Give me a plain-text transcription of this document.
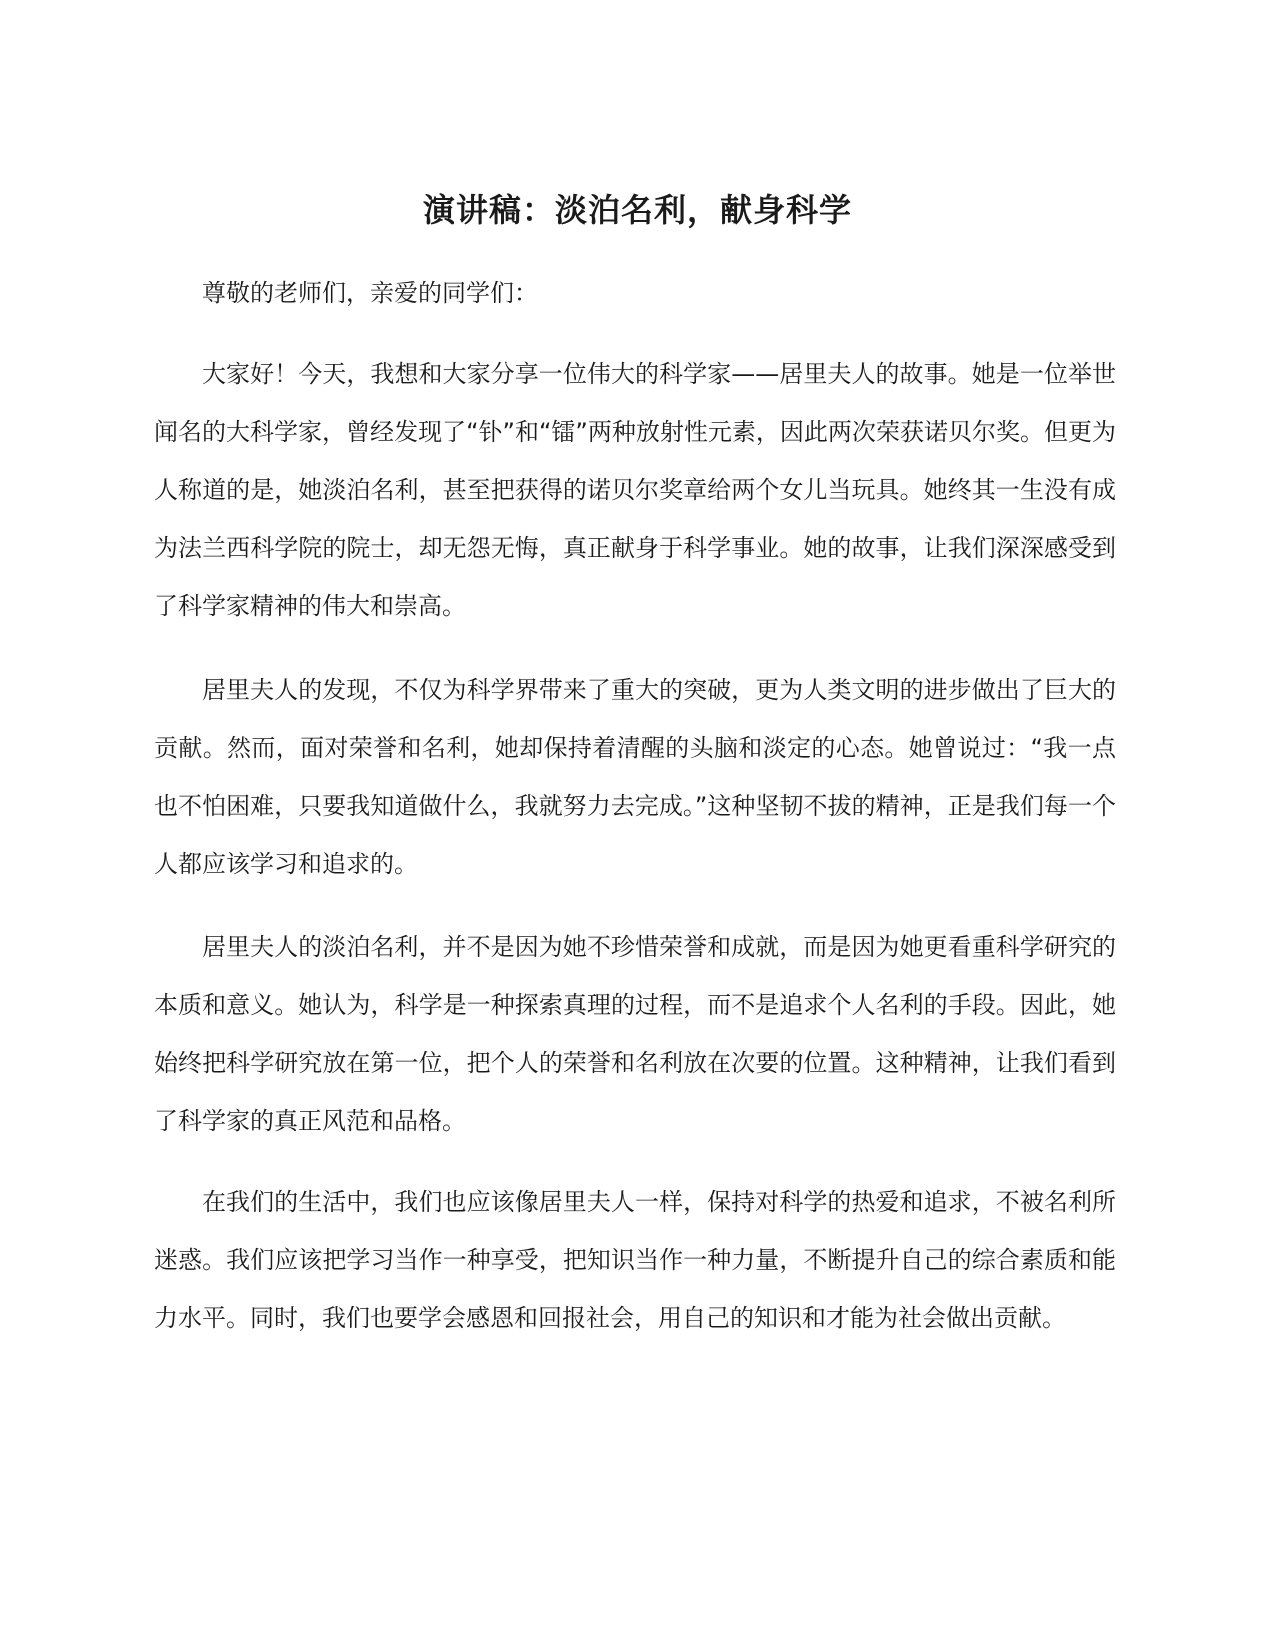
演讲稿：淡泊名利，献身科学

尊敬的老师们，亲爱的同学们：

大家好！今天，我想和大家分享一位伟大的科学家——居里夫人的故事。她是一位举世闻名的大科学家，曾经发现了“钋”和“镭”两种放射性元素，因此两次荣获诺贝尔奖。但更为人称道的是，她淡泊名利，甚至把获得的诺贝尔奖章给两个女儿当玩具。她终其一生没有成为法兰西科学院的院士，却无怨无悔，真正献身于科学事业。她的故事，让我们深深感受到了科学家精神的伟大和崇高。

居里夫人的发现，不仅为科学界带来了重大的突破，更为人类文明的进步做出了巨大的贡献。然而，面对荣誉和名利，她却保持着清醒的头脑和淡定的心态。她曾说过：“我一点也不怕困难，只要我知道做什么，我就努力去完成。”这种坚韧不拔的精神，正是我们每一个人都应该学习和追求的。

居里夫人的淡泊名利，并不是因为她不珍惜荣誉和成就，而是因为她更看重科学研究的本质和意义。她认为，科学是一种探索真理的过程，而不是追求个人名利的手段。因此，她始终把科学研究放在第一位，把个人的荣誉和名利放在次要的位置。这种精神，让我们看到了科学家的真正风范和品格。

在我们的生活中，我们也应该像居里夫人一样，保持对科学的热爱和追求，不被名利所迷惑。我们应该把学习当作一种享受，把知识当作一种力量，不断提升自己的综合素质和能力水平。同时，我们也要学会感恩和回报社会，用自己的知识和才能为社会做出贡献。
